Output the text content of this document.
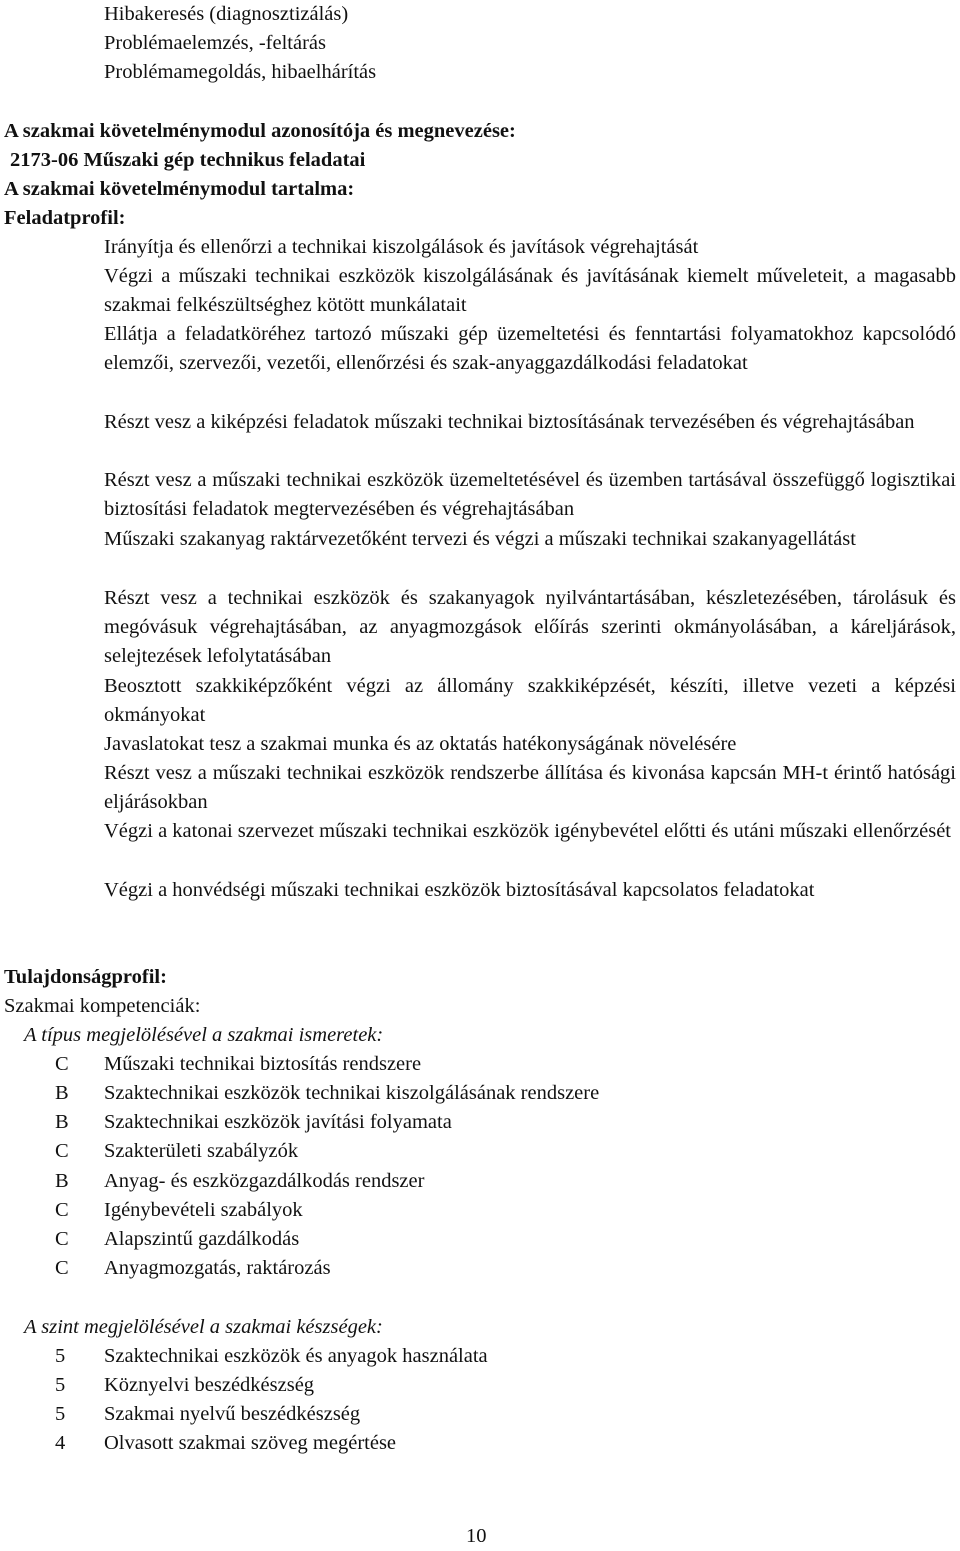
Hibakeresés (diagnosztizálás)
Problémaelemzés, -feltárás
Problémamegoldás, hibaelhárítás
A szakmai követelménymodul azonosítója és megnevezése:
2173-06 Műszaki gép technikus feladatai
A szakmai követelménymodul tartalma:
Feladatprofil:
Irányítja és ellenőrzi a technikai kiszolgálások és javítások végrehajtását
Végzi a műszaki technikai eszközök kiszolgálásának és javításának kiemelt műveleteit, a magasabb szakmai felkészültséghez kötött munkálatait
Ellátja a feladatköréhez tartozó műszaki gép üzemeltetési és fenntartási folyamatokhoz kapcsolódó elemzői, szervezői, vezetői, ellenőrzési és szak-anyaggazdálkodási feladatokat
Részt vesz a kiképzési feladatok műszaki technikai biztosításának tervezésében és végrehajtásában
Részt vesz a műszaki technikai eszközök üzemeltetésével és üzemben tartásával összefüggő logisztikai biztosítási feladatok megtervezésében és végrehajtásában
Műszaki szakanyag raktárvezetőként tervezi és végzi a műszaki technikai szakanyagellátást
Részt vesz a technikai eszközök és szakanyagok nyilvántartásában, készletezésében, tárolásuk és megóvásuk végrehajtásában, az anyagmozgások előírás szerinti okmányolásában, a káreljárások, selejtezések lefolytatásában
Beosztott szakkiképzőként végzi az állomány szakkiképzését, készíti, illetve vezeti a képzési okmányokat
Javaslatokat tesz a szakmai munka és az oktatás hatékonyságának növelésére
Részt vesz a műszaki technikai eszközök rendszerbe állítása és kivonása kapcsán MH-t érintő hatósági eljárásokban
Végzi a katonai szervezet műszaki technikai eszközök igénybevétel előtti és utáni műszaki ellenőrzését
Végzi a honvédségi műszaki technikai eszközök biztosításával kapcsolatos feladatokat
Tulajdonságprofil:
Szakmai kompetenciák:
A típus megjelölésével a szakmai ismeretek:
C	Műszaki technikai biztosítás rendszere
B	Szaktechnikai eszközök technikai kiszolgálásának rendszere
B	Szaktechnikai eszközök javítási folyamata
C	Szakterületi szabályzók
B	Anyag- és eszközgazdálkodás rendszer
C	Igénybevételi szabályok
C	Alapszintű gazdálkodás
C	Anyagmozgatás, raktározás
A szint megjelölésével a szakmai készségek:
5	Szaktechnikai eszközök és anyagok használata
5	Köznyelvi beszédkészség
5	Szakmai nyelvű beszédkészség
4	Olvasott szakmai szöveg megértése
10
